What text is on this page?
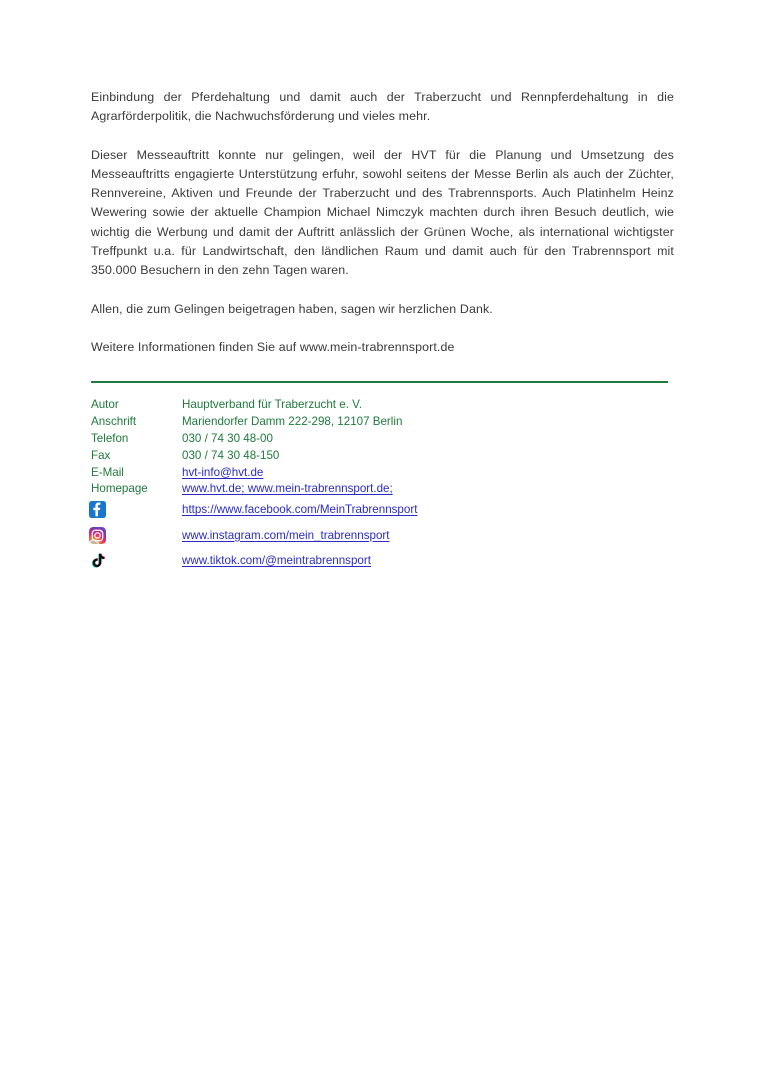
Einbindung der Pferdehaltung und damit auch der Traberzucht und Rennpferdehaltung in die Agrarförderpolitik, die Nachwuchsförderung und vieles mehr.

Dieser Messeauftritt konnte nur gelingen, weil der HVT für die Planung und Umsetzung des Messeauftritts engagierte Unterstützung erfuhr, sowohl seitens der Messe Berlin als auch der Züchter, Rennvereine, Aktiven und Freunde der Traberzucht und des Trabrennsports. Auch Platinhelm Heinz Wewering sowie der aktuelle Champion Michael Nimczyk machten durch ihren Besuch deutlich, wie wichtig die Werbung und damit der Auftritt anlässlich der Grünen Woche, als international wichtigster Treffpunkt u.a. für Landwirtschaft, den ländlichen Raum und damit auch für den Trabrennsport mit 350.000 Besuchern in den zehn Tagen waren.

Allen, die zum Gelingen beigetragen haben, sagen wir herzlichen Dank.

Weitere Informationen finden Sie auf www.mein-trabrennsport.de

Autor	Hauptverband für Traberzucht e. V.
Anschrift	Mariendorfer Damm 222-298, 12107 Berlin
Telefon	030 / 74 30 48-00
Fax	030 / 74 30 48-150
E-Mail	hvt-info@hvt.de
Homepage	www.hvt.de; www.mein-trabrennsport.de;
https://www.facebook.com/MeinTrabrennsport
www.instagram.com/mein_trabrennsport
www.tiktok.com/@meintrabrennsport
